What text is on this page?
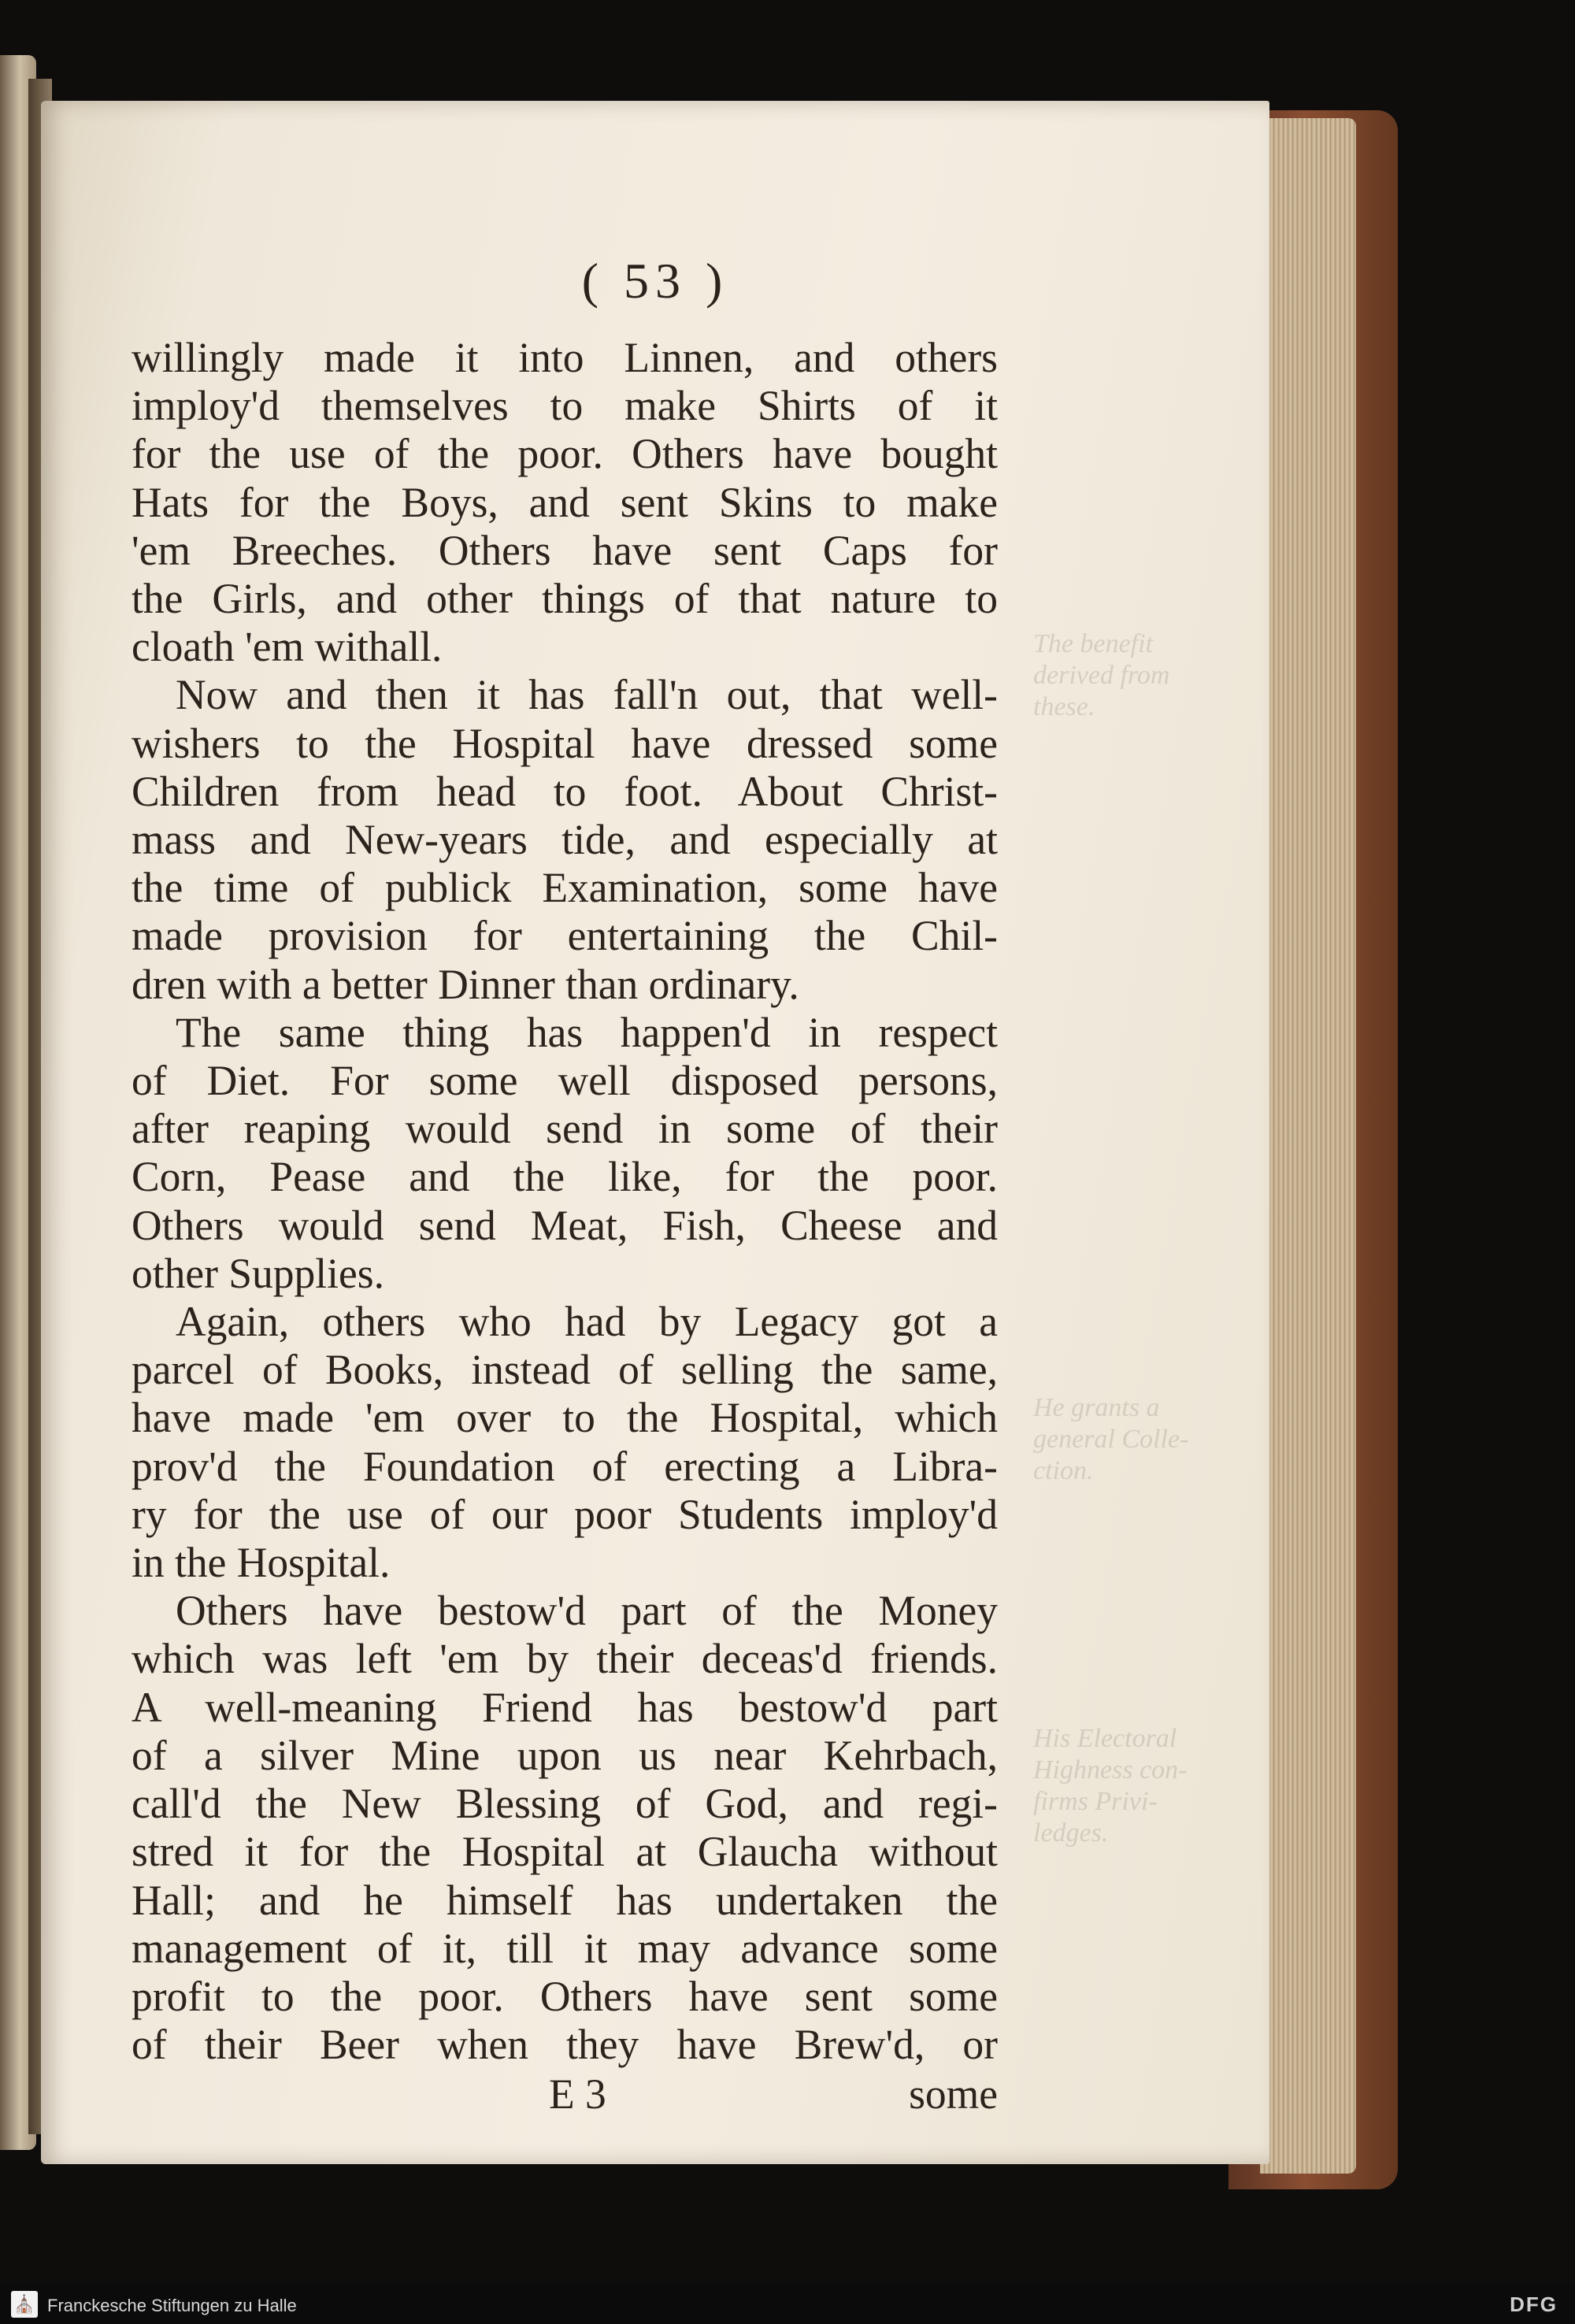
The benefit
derived from
these.
He grants a
general Colle-
ction.
His Electoral
Highness con-
firms Privi-
ledges.
( 53 )
willingly made it into Linnen, and others
imploy'd themselves to make Shirts of it
for the use of the poor. Others have bought
Hats for the Boys, and sent Skins to make
'em Breeches. Others have sent Caps for
the Girls, and other things of that nature to
cloath 'em withall.
Now and then it has fall'n out, that well-
wishers to the Hospital have dressed some
Children from head to foot. About Christ-
mass and New-years tide, and especially at
the time of publick Examination, some have
made provision for entertaining the Chil-
dren with a better Dinner than ordinary.
The same thing has happen'd in respect
of Diet. For some well disposed persons,
after reaping would send in some of their
Corn, Pease and the like, for the poor.
Others would send Meat, Fish, Cheese and
other Supplies.
Again, others who had by Legacy got a
parcel of Books, instead of selling the same,
have made 'em over to the Hospital, which
prov'd the Foundation of erecting a Libra-
ry for the use of our poor Students imploy'd
in the Hospital.
Others have bestow'd part of the Money
which was left 'em by their deceas'd friends.
A well-meaning Friend has bestow'd part
of a silver Mine upon us near Kehrbach,
call'd the New Blessing of God, and regi-
stred it for the Hospital at Glaucha without
Hall; and he himself has undertaken the
management of it, till it may advance some
profit to the poor. Others have sent some
of their Beer when they have Brew'd, or
E 3	some
⛪ Franckesche Stiftungen zu Halle	DFG
